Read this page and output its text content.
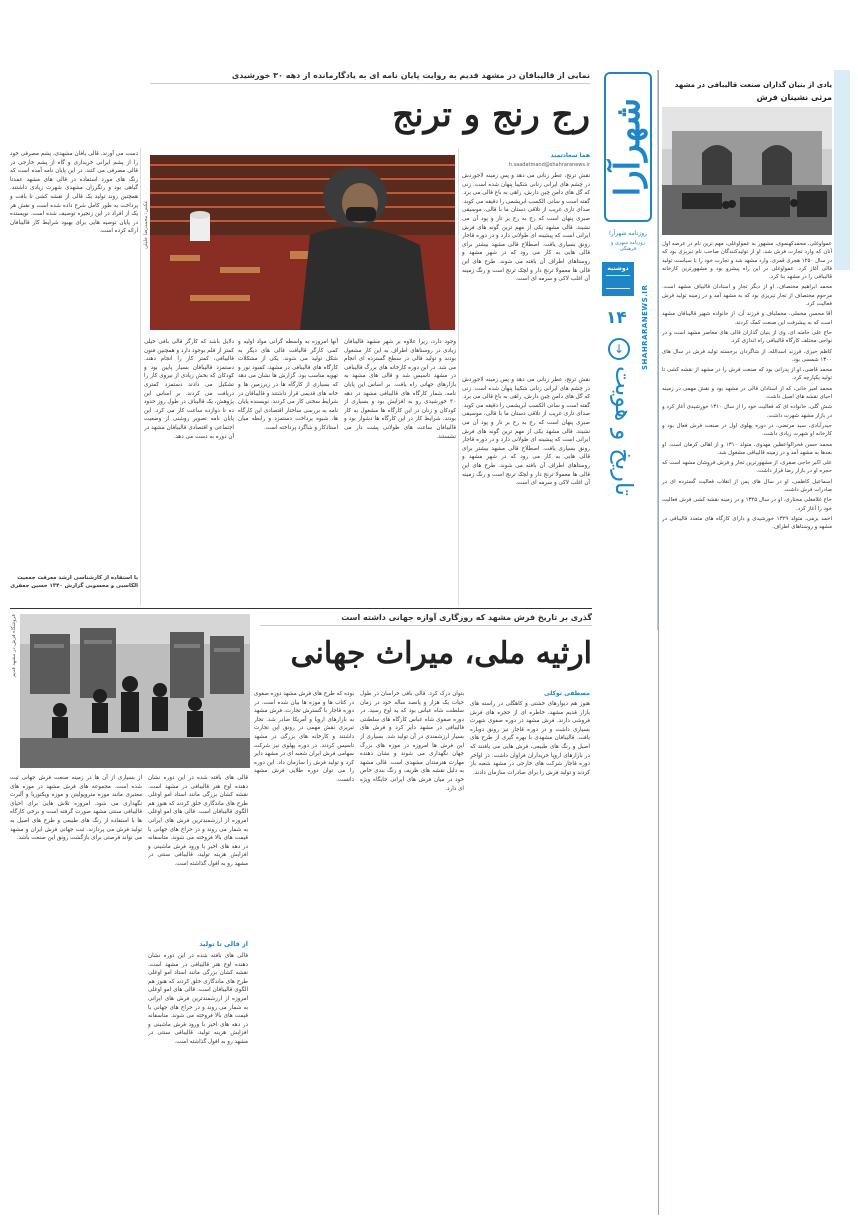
شهرآرا
روزنامه شهرآرا
روزنامه شهری و فرهنگی
SHAHRARANEWS.IR
دوشنبه
۱۴
↓
تاریخ و هویت
یادی از بنیان گذاران صنعت قالیبافی در مشهد
مرثی نشینان فرش

عمواوغلی، محمدکهنموی، مشهور به عمواوغلی، مهم ترین نام در عرصه اول آنان که وارد تجارت فرش شد. او از تولیدکنندگان صاحب نام تبریزی بود که در سال ۱۲۵۰ هجری قمری، وارد مشهد شد و تجارت خود را با سیاست تولید قالی آغاز کرد. عمواوغلی در این راه پیشرو بود و مشهورترین کارخانه قالیبافی را در مشهد بنا کرد.

محمد ابراهیم مختصاف، او از دیگر تجار و استادان قالیباف مشهد است. مرحوم مختصاف از تجار تبریزی بود که به مشهد آمد و در زمینه تولید فرش فعالیت کرد.

آقا محسن مخملی، مخملباف و فرزند آن، از خانواده شهیر قالیبافان مشهد است که به پیشرفت این صنعت کمک کردند.

حاج علی خامنه ای، وی از بنیان گذاران قالی های معاصر مشهد است و در نواحی مختلف کارگاه قالیبافی راه اندازی کرد.

کاظم خیری، فرزند اسدالله، از شاگردان برجسته تولید فرش در سال های ۱۳۰۰ شمسی بود.

محمد قاضی، او از پدرانی بود که صنعت فرش را در مشهد از نقشه کشی تا تولید یکپارچه کرد.

محمد امیر خانی، که از استادان قالی در مشهد بود و نقش مهمی در زمینه احیای نقشه های اصیل داشت.

شش گلی، خانواده ای که فعالیت خود را از سال ۱۳۱۰ خورشیدی آغاز کرد و در بازار مشهد شهرت داشت.

حیدرآبادی، سید مرتضی، در دوره پهلوی اول در صنعت فرش فعال بود و کارخانه او شهرت زیادی داشت.

محمد حسن فخرالواعظین مهدوی، متولد ۱۳۱۰ و از اهالی کرمان است. او بعدها به مشهد آمد و در زمینه قالیبافی مشغول شد.

علی اکبر حاجی صفری، از مشهورترین تجار و فرش فروشان مشهد است که حجره او در بازار رضا قرار داشت.

اسماعیل کاظمی، او در سال های پس از انقلاب فعالیت گسترده ای در صادرات فرش داشت.

حاج غلامعلی مختاری، او در سال ۱۳۲۵ و در زمینه نقشه کشی فرش فعالیت خود را آغاز کرد.

احمد بزمی، متولد ۱۳۲۹ خورشیدی و دارای کارگاه های متعدد قالیبافی در مشهد و روستاهای اطراف.

نمایی از قالیبافان در مشهد قدیم به روایت پایان نامه ای به یادگارمانده از دهه ۳۰ خورشیدی
رج رنج و ترنج
هما سعادتمند
h.saadatmand@shahraranews.ir
نقش ترنج، عطر زنانی می دهد و پس زمینه لاجوردش در چشم های ایرانی زنانی شکیبا پنهان شده است. زنی که گل های دامن چین دارش، راهی به باغ قالی می برد. گفته است و سانی الکسب ابریشمی را دقیقه می کوبد. صدای تاری غریب از تلاقی دستان ما با قالی، موسیقی صبری پنهان است که رج به رج بر تار و پود آن می نشیند. قالی مشهد یکی از مهم ترین گونه های فرش ایرانی است که پیشینه ای طولانی دارد و در دوره قاجار رونق بسیاری یافت. اصطلاح قالی مشهد بیشتر برای قالی هایی به کار می رود که در شهر مشهد و روستاهای اطراف آن بافته می شوند. طرح های این قالی ها معمولا ترنج دار و لچک ترنج است و رنگ زمینه آن اغلب لاکی و سرمه ای است.
عکس: محمدرضا خلیلی
وجود دارد، زیرا علاوه بر شهر مشهد قالیبافان زیادی در روستاهای اطراف به این کار مشغول بودند و تولید قالی در سطح گسترده ای انجام می شد. در این دوره کارخانه های بزرگ قالیبافی در مشهد تاسیس شد و قالی های مشهد به بازارهای جهانی راه یافت. بر اساس این پایان نامه، شمار کارگاه های قالیبافی مشهد در دهه ۳۰ خورشیدی رو به افزایش بود و بسیاری از کودکان و زنان در این کارگاه ها مشغول به کار بودند. شرایط کار در این کارگاه ها دشوار بود و قالیبافان ساعت های طولانی پشت دار می نشستند.
نقش ترنج، عطر زنانی می دهد و پس زمینه لاجوردش در چشم های ایرانی زنانی شکیبا پنهان شده است. زنی که گل های دامن چین دارش، راهی به باغ قالی می برد. گفته است و سانی الکسب ابریشمی را دقیقه می کوبد. صدای تاری غریب از تلاقی دستان ما با قالی، موسیقی صبری پنهان است که رج به رج بر تار و پود آن می نشیند. قالی مشهد یکی از مهم ترین گونه های فرش ایرانی است که پیشینه ای طولانی دارد و در دوره قاجار رونق بسیاری یافت. اصطلاح قالی مشهد بیشتر برای قالی هایی به کار می رود که در شهر مشهد و روستاهای اطراف آن بافته می شوند. طرح های این قالی ها معمولا ترنج دار و لچک ترنج است و رنگ زمینه آن اغلب لاکی و سرمه ای است.
آنها امروزه به واسطه گرانی مواد اولیه و کمی کارگر قالیافت قالی های دیگر به شکل تولید می شوند. یکی از مشکلات کارگاه های قالیبافی در مشهد، کمبود نور و تهویه مناسب بود. گزارش ها نشان می دهد که بسیاری از کارگاه ها در زیرزمین ها و خانه های قدیمی قرار داشتند و قالیبافان در شرایط سختی کار می کردند. نویسنده پایان نامه به بررسی ساختار اقتصادی این کارگاه ها، شیوه پرداخت دستمزد و رابطه میان استادکار و شاگرد پرداخته است.
دلایل باشد که کارگر قالی بافی خیلی کمتر از قلم بوجود دارد و همچنین فنون قالیبافی، کمتر کار را انجام دهند. دستمزد قالیبافان بسیار پایین بود و کودکان که بخش زیادی از نیروی کار را تشکیل می دادند دستمزد کمتری دریافت می کردند. بر اساس این پژوهش، یک قالیباف در طول روز حدود ده تا دوازده ساعت کار می کرد. این پایان نامه تصویر روشنی از وضعیت اجتماعی و اقتصادی قالیبافان مشهد در آن دوره به دست می دهد.
دست می آورند. قالی بافان مشهدی، پشم مصرفی خود را از پشم ایرانی خریداری و گاه از پشم خارجی در قالی مصرفی می کنند. در این پایان نامه آمده است که رنگ های مورد استفاده در قالی های مشهد عمدتا گیاهی بود و رنگرزان مشهدی شهرت زیادی داشتند. همچنین روند تولید یک قالی از نقشه کشی تا بافت و پرداخت به طور کامل شرح داده شده است و نقش هر یک از افراد در این زنجیره توصیف شده است. نویسنده در پایان توصیه هایی برای بهبود شرایط کار قالیبافان ارائه کرده است.
با استفاده از کارشناسی ارشد معرفت جمعیت الکاسبی و محسوبی گزارش ۱۳۴۰ حسین جعفری
گذری بر تاریخ فرش مشهد که روزگاری آوازه جهانی داشته است
ارثیه ملی، میراث جهانی
فروشگاه فرش در مشهد قدیم
مصطفی توکلی
هنوز هم دیوارهای خشتی و کاهگلی در راسته های بازار قدیم مشهد، خاطره ای از حجره های فرش فروشی دارند. فرش مشهد در دوره صفوی شهرت بسیاری داشت و در دوره قاجار نیز رونق دوباره یافت. قالیبافان مشهدی با بهره گیری از طرح های اصیل و رنگ های طبیعی، فرش هایی می بافتند که در بازارهای اروپا خریداران فراوان داشت. در اواخر دوره قاجار شرکت های خارجی در مشهد شعبه باز کردند و تولید فرش را برای صادرات سازمان دادند.
بتوان درک کرد. قالی بافی خراسان در طول حیات یک هزار و پانصد ساله خود در زمان سلطنت شاه عباس بود که به اوج رسید. در دوره صفوی شاه عباس کارگاه های سلطنتی قالیبافی در مشهد دایر کرد و فرش های بسیار ارزشمندی در آن تولید شد. بسیاری از این فرش ها امروزه در موزه های بزرگ جهان نگهداری می شوند و نشان دهنده مهارت هنرمندان مشهدی است. قالی مشهد به دلیل نقشه های ظریف و رنگ بندی خاص خود در میان فرش های ایرانی جایگاه ویژه ای دارد.
بوده که طرح های فرش مشهد دوره صفوی در کتاب ها و موزه ها بیان شده است. در دوره قاجار با گسترش تجارت، فرش مشهد به بازارهای اروپا و آمریکا صادر شد. تجار تبریزی نقش مهمی در رونق این تجارت داشتند و کارخانه های بزرگی در مشهد تاسیس کردند. در دوره پهلوی نیز شرکت سهامی فرش ایران شعبه ای در مشهد دایر کرد و تولید فرش را سازمان داد. این دوره را می توان دوره طلایی فرش مشهد دانست.
از قالی تا تولید
قالی های بافته شده در این دوره نشان دهنده اوج هنر قالیبافی در مشهد است. نقشه کشان بزرگی مانند استاد امو اوغلی طرح های ماندگاری خلق کردند که هنوز هم الگوی قالیبافان است. قالی های امو اوغلی امروزه از ارزشمندترین فرش های ایرانی به شمار می روند و در حراج های جهانی با قیمت های بالا فروخته می شوند. متاسفانه در دهه های اخیر با ورود فرش ماشینی و افزایش هزینه تولید، قالیبافی سنتی در مشهد رو به افول گذاشته است.
قالی های بافته شده در این دوره نشان دهنده اوج هنر قالیبافی در مشهد است. نقشه کشان بزرگی مانند استاد امو اوغلی طرح های ماندگاری خلق کردند که هنوز هم الگوی قالیبافان است. قالی های امو اوغلی امروزه از ارزشمندترین فرش های ایرانی به شمار می روند و در حراج های جهانی با قیمت های بالا فروخته می شوند. متاسفانه در دهه های اخیر با ورود فرش ماشینی و افزایش هزینه تولید، قالیبافی سنتی در مشهد رو به افول گذاشته است.
از بسیاری از آن ها در زمینه صنعت فرش جهانی ثبت شده است. مجموعه های فرش مشهد در موزه های معتبری مانند موزه متروپولیتن و موزه ویکتوریا و آلبرت نگهداری می شود. امروزه تلاش هایی برای احیای قالیبافی سنتی مشهد صورت گرفته است و برخی کارگاه ها با استفاده از رنگ های طبیعی و طرح های اصیل به تولید فرش می پردازند. ثبت جهانی فرش ایران و مشهد می تواند فرصتی برای بازگشت رونق این صنعت باشد.
